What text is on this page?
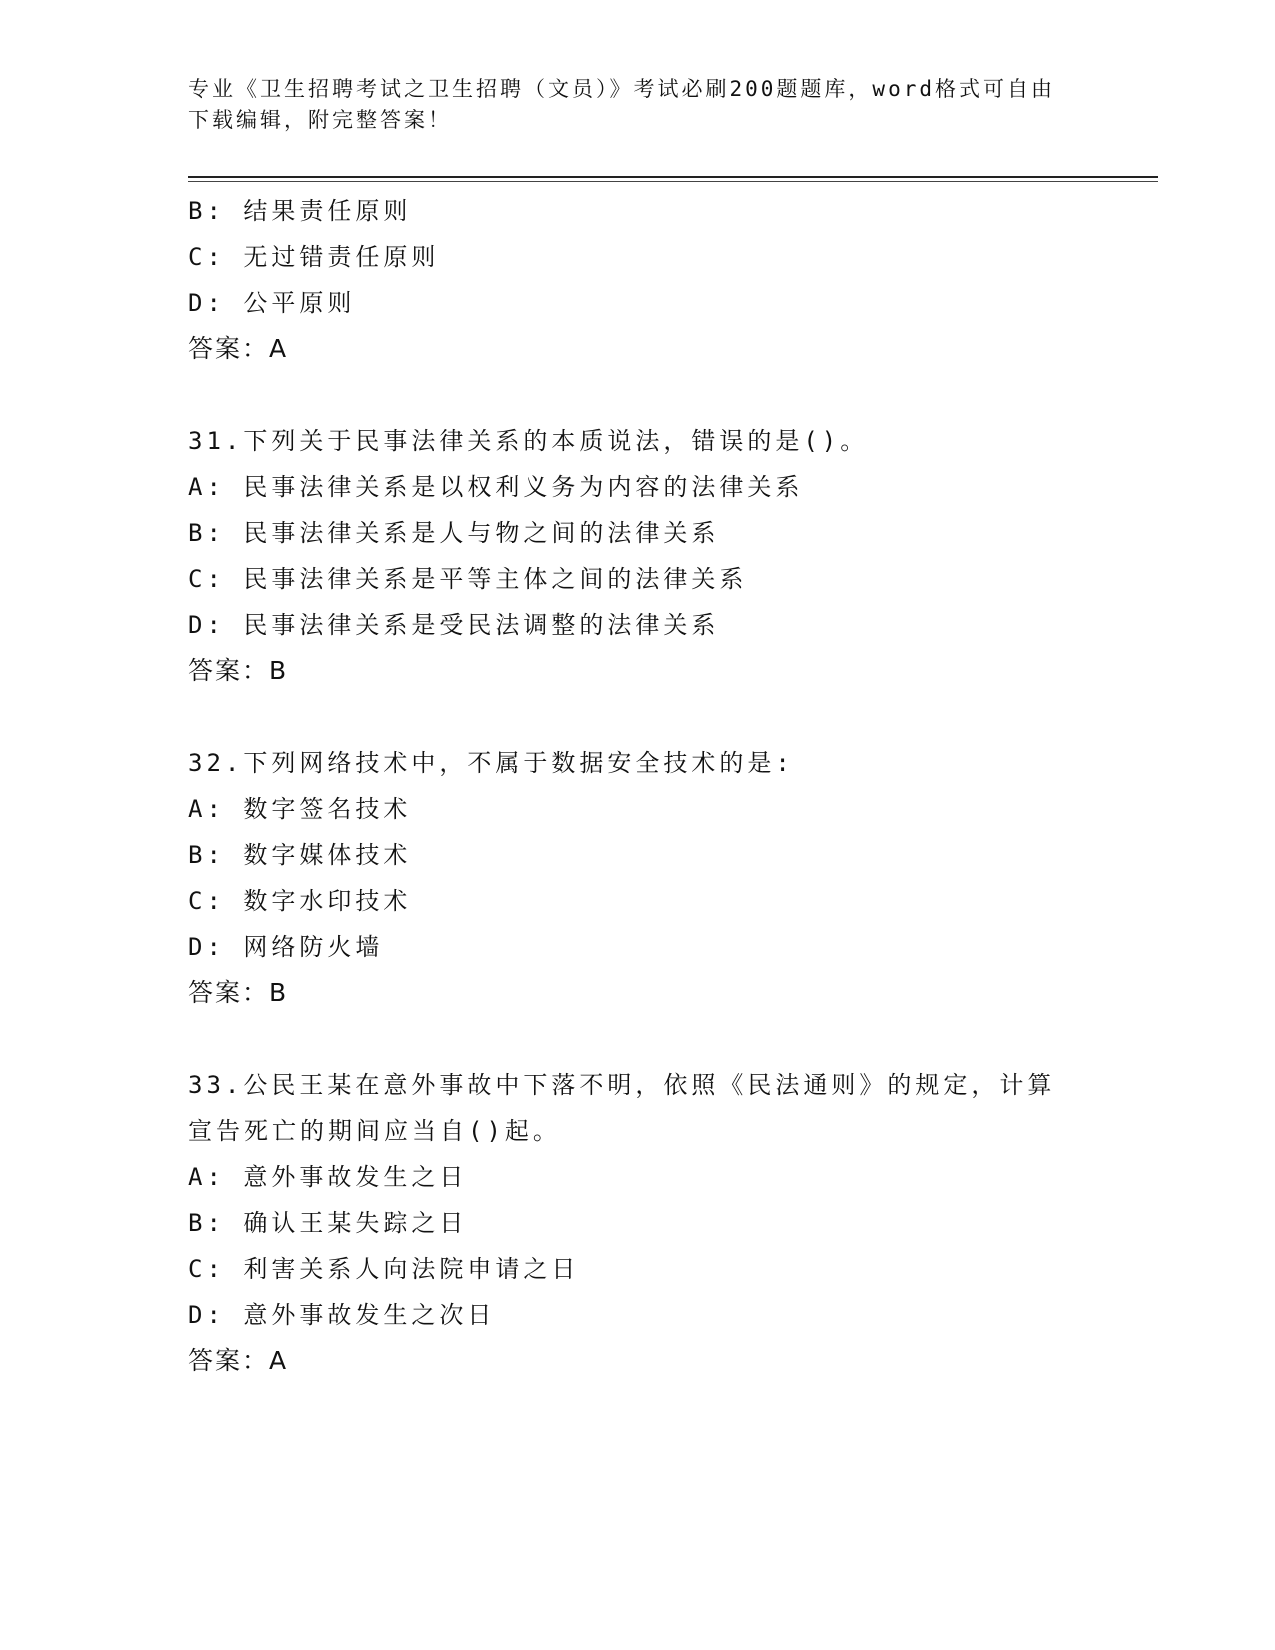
专业《卫生招聘考试之卫生招聘（文员）》考试必刷200题题库，word格式可自由下载编辑，附完整答案！
B: 结果责任原则
C: 无过错责任原则
D: 公平原则
答案：A
31.下列关于民事法律关系的本质说法，错误的是()。
A: 民事法律关系是以权利义务为内容的法律关系
B: 民事法律关系是人与物之间的法律关系
C: 民事法律关系是平等主体之间的法律关系
D: 民事法律关系是受民法调整的法律关系
答案：B
32.下列网络技术中，不属于数据安全技术的是:
A: 数字签名技术
B: 数字媒体技术
C: 数字水印技术
D: 网络防火墙
答案：B
33.公民王某在意外事故中下落不明，依照《民法通则》的规定，计算宣告死亡的期间应当自()起。
A: 意外事故发生之日
B: 确认王某失踪之日
C: 利害关系人向法院申请之日
D: 意外事故发生之次日
答案：A
